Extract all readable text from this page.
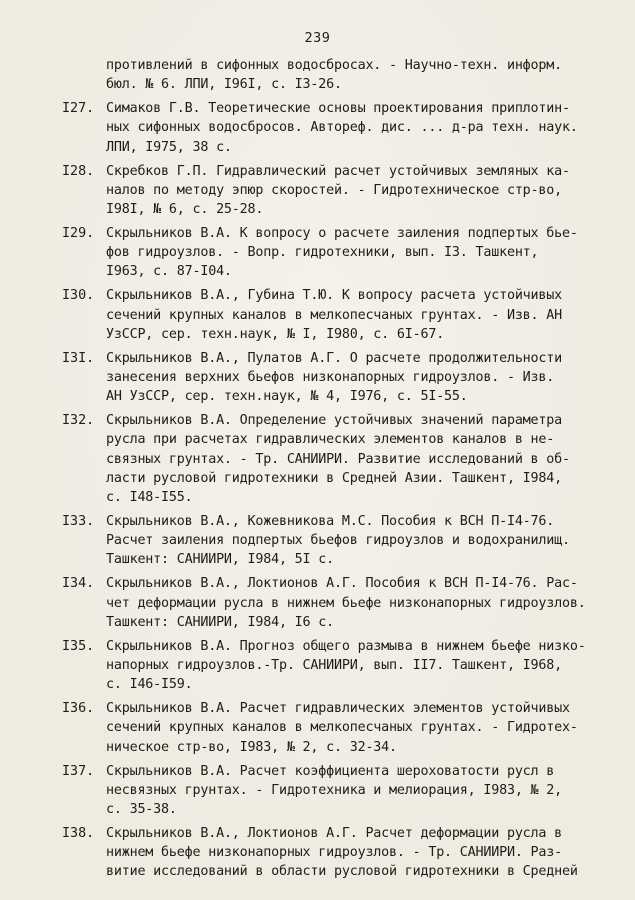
239
противлений в сифонных водосбросах. - Научно-техн. информ.
бюл. № 6. ЛПИ, I96I, с. I3-26.
I27. Симаков Г.В. Теоретические основы проектирования приплотин-
ных сифонных водосбросов. Автореф. дис. ... д-ра техн. наук.
ЛПИ, I975, 38 с.
I28. Скребков Г.П. Гидравлический расчет устойчивых земляных ка-
налов по методу эпюр скоростей. - Гидротехническое стр-во,
I98I, № 6, с. 25-28.
I29. Скрыльников В.А. К вопросу о расчете заиления подпертых бье-
фов гидроузлов. - Вопр. гидротехники, вып. I3. Ташкент,
I963, с. 87-I04.
I30. Скрыльников В.А., Губина Т.Ю. К вопросу расчета устойчивых
сечений крупных каналов в мелкопесчаных грунтах. - Изв. АН
УзССР, сер. техн.наук, № I, I980, с. 6I-67.
I3I. Скрыльников В.А., Пулатов А.Г. О расчете продолжительности
занесения верхних бьефов низконапорных гидроузлов. - Изв.
АН УзССР, сер. техн.наук, № 4, I976, с. 5I-55.
I32. Скрыльников В.А. Определение устойчивых значений параметра
русла при расчетах гидравлических элементов каналов в не-
связных грунтах. - Тр. САНИИРИ. Развитие исследований в об-
ласти русловой гидротехники в Средней Азии. Ташкент, I984,
с. I48-I55.
I33. Скрыльников В.А., Кожевникова М.С. Пособия к ВСН П-I4-76.
Расчет заиления подпертых бьефов гидроузлов и водохранилищ.
Ташкент: САНИИРИ, I984, 5I с.
I34. Скрыльников В.А., Локтионов А.Г. Пособия к ВСН П-I4-76. Рас-
чет деформации русла в нижнем бьефе низконапорных гидроузлов.
Ташкент: САНИИРИ, I984, I6 с.
I35. Скрыльников В.А. Прогноз общего размыва в нижнем бьефе низко-
напорных гидроузлов.-Тр. САНИИРИ, вып. II7. Ташкент, I968,
с. I46-I59.
I36. Скрыльников В.А. Расчет гидравлических элементов устойчивых
сечений крупных каналов в мелкопесчаных грунтах. - Гидротех-
ническое стр-во, I983, № 2, с. 32-34.
I37. Скрыльников В.А. Расчет коэффициента шероховатости русл в
несвязных грунтах. - Гидротехника и мелиорация, I983, № 2,
с. 35-38.
I38. Скрыльников В.А., Локтионов А.Г. Расчет деформации русла в
нижнем бьефе низконапорных гидроузлов. - Тр. САНИИРИ. Раз-
витие исследований в области русловой гидротехники в Средней
